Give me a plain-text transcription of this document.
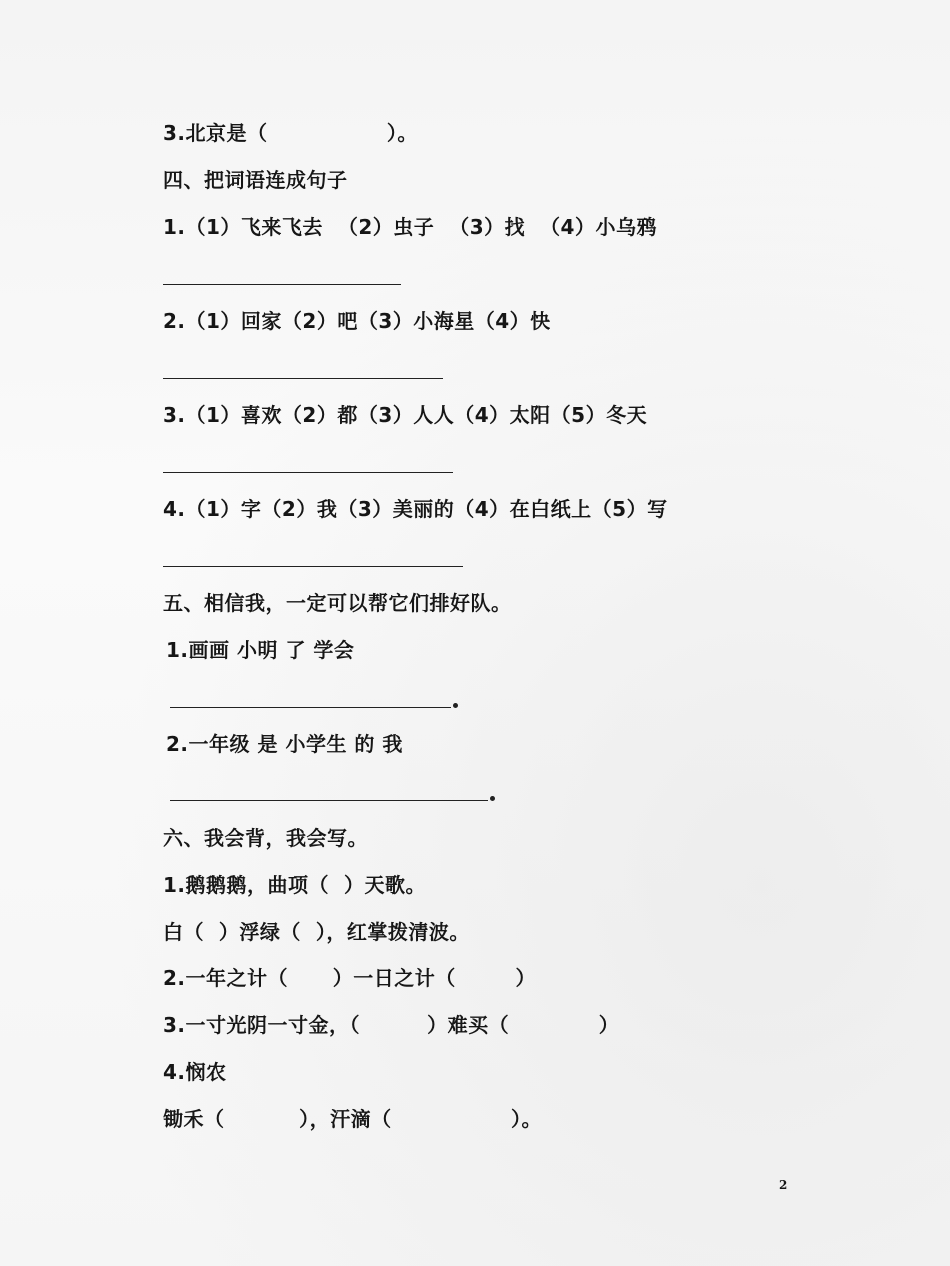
3.北京是（                ）。
四、把词语连成句子
1.（1）飞来飞去  （2）虫子  （3）找  （4）小乌鸦
2.（1）回家（2）吧（3）小海星（4）快
3.（1）喜欢（2）都（3）人人（4）太阳（5）冬天
4.（1）字（2）我（3）美丽的（4）在白纸上（5）写
五、相信我，一定可以帮它们排好队。
1.画画 小明 了 学会
2.一年级 是 小学生 的 我
六、我会背，我会写。
1.鹅鹅鹅，曲项（  ）天歌。
白（  ）浮绿（  ），红掌拨清波。
2.一年之计（      ）一日之计（        ）
3.一寸光阴一寸金，（         ）难买（            ）
4.悯农
锄禾（          ），汗滴（                ）。
2
